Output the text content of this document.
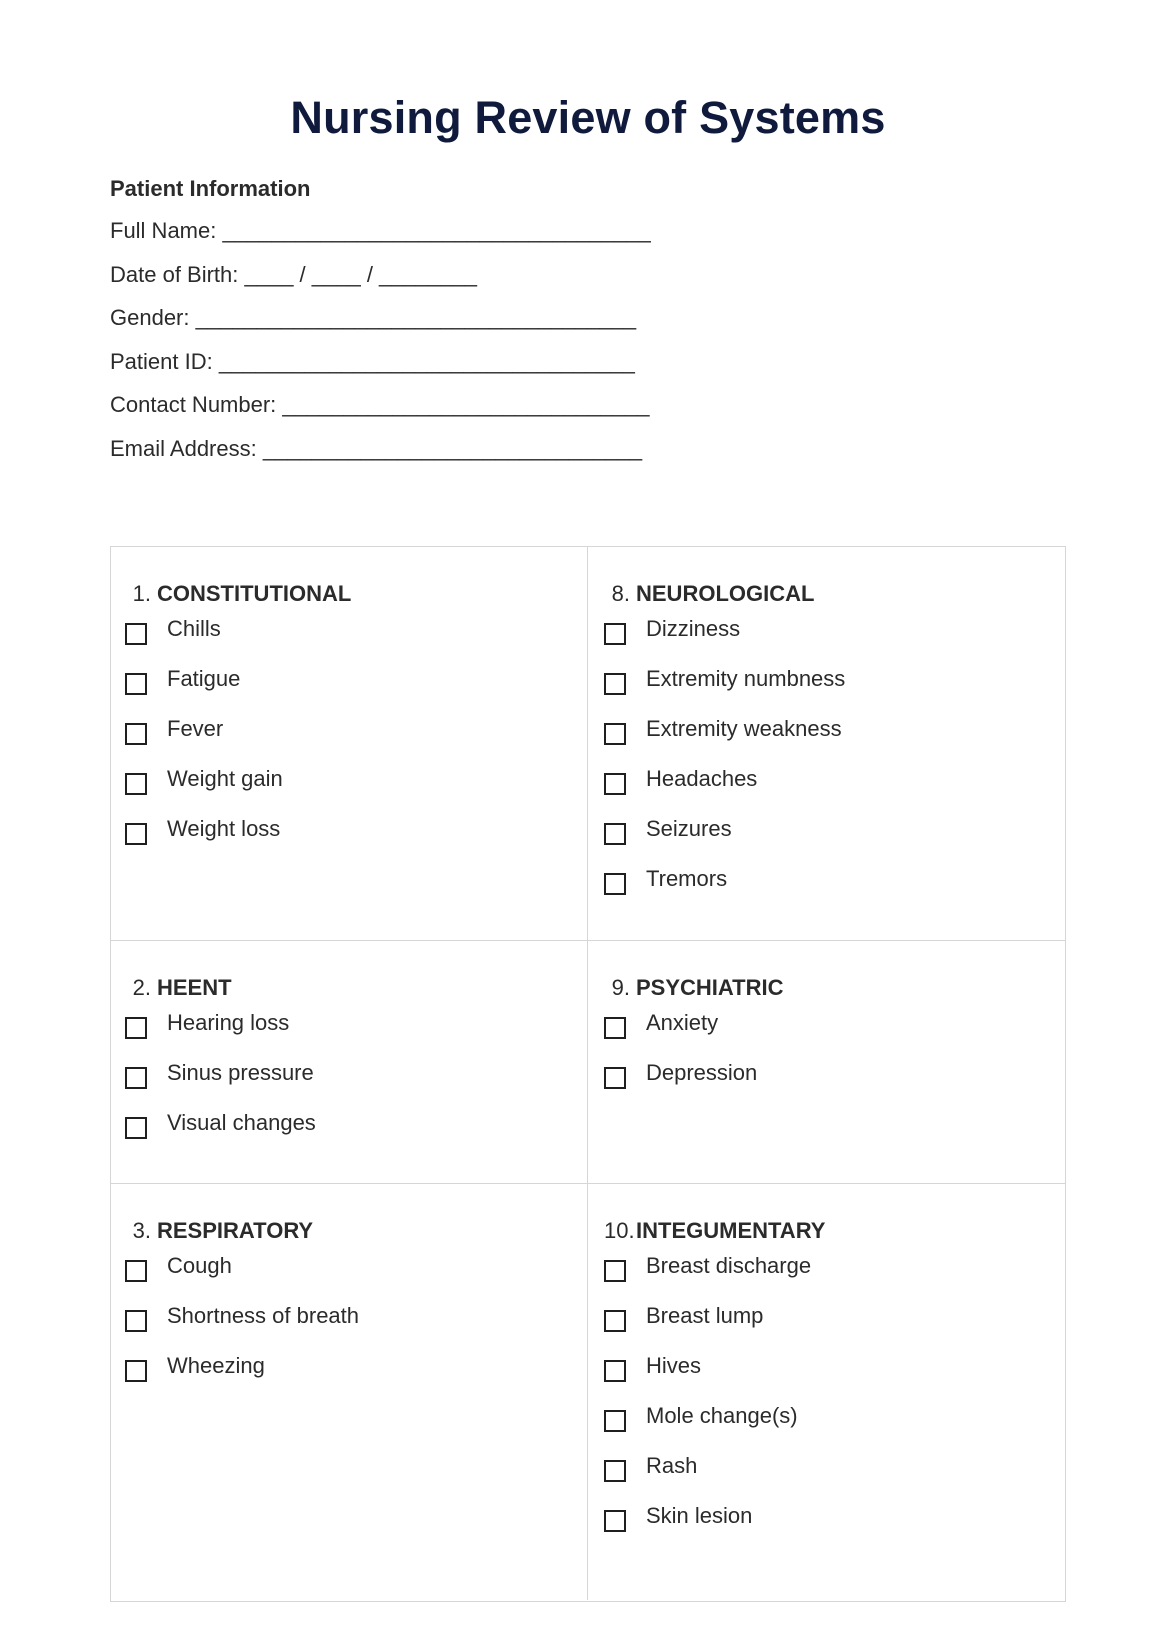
Nursing Review of Systems
Patient Information
Full Name: ___________________________________
Date of Birth: ____ / ____ / ________
Gender: ____________________________________
Patient ID: __________________________________
Contact Number: ______________________________
Email Address: _______________________________
1. CONSTITUTIONAL
Chills
Fatigue
Fever
Weight gain
Weight loss
8. NEUROLOGICAL
Dizziness
Extremity numbness
Extremity weakness
Headaches
Seizures
Tremors
2. HEENT
Hearing loss
Sinus pressure
Visual changes
9. PSYCHIATRIC
Anxiety
Depression
3. RESPIRATORY
Cough
Shortness of breath
Wheezing
10.INTEGUMENTARY
Breast discharge
Breast lump
Hives
Mole change(s)
Rash
Skin lesion
